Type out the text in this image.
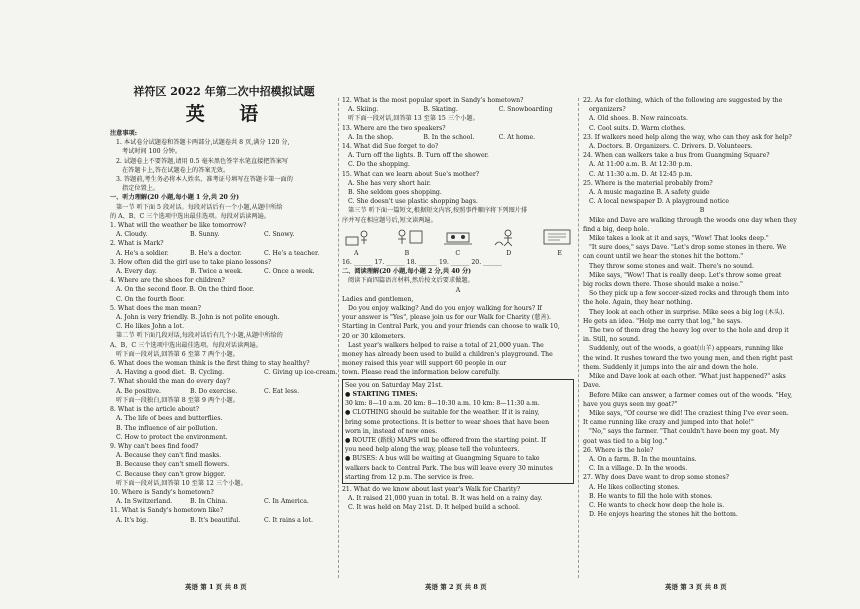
祥符区 2022 年第二次中招模拟试题
英 语
注意事项:
1. 本试卷分试题卷和答题卡两部分,试题卷共 8 页,满分 120 分,
考试时间 100 分钟。
2. 试题卷上不要答题,请用 0.5 毫米黑色签字水笔直接把答案写
在答题卡上,答在试题卷上的答案无效。
3. 答题前,考生务必将本人姓名、准考证号填写在答题卡第一面的
指定位置上。
一、听力理解(20 小题,每小题 1 分,共 20 分)
第一节 听下面 5 段对话。每段对话后有一个小题,从题中所给
的 A、B、C 三个选项中选出最佳选项。每段对话读两遍。
1. What will the weather be like tomorrow?
A. Cloudy.	B. Sunny.	C. Snowy.
2. What is Mark?
A. He's a soldier.	B. He's a doctor.	C. He's a teacher.
3. How often did the girl use to take piano lessons?
A. Every day.	B. Twice a week.	C. Once a week.
4. Where are the shoes for children?
A. On the second floor. B. On the third floor.
C. On the fourth floor.
5. What does the man mean?
A. John is very friendly. B. John is not polite enough.
C. He likes John a lot.
第二节 听下面几段对话,每段对话后有几个小题,从题中所给的
A、B、C 三个选项中选出最佳选项。每段对话读两遍。
听下面一段对话,回答第 6 至第 7 两个小题。
6. What does the woman think is the first thing to stay healthy?
A. Having a good diet. B. Cycling.	C. Giving up ice-cream.
7. What should the man do every day?
A. Be positive.	B. Do exercise.	C. Eat less.
听下面一段独白,回答第 8 至第 9 两个小题。
8. What is the article about?
A. The life of bees and butterflies.
B. The influence of air pollution.
C. How to protect the environment.
9. Why can't bees find food?
A. Because they can't find masks.
B. Because they can't smell flowers.
C. Because they can't grow bigger.
听下面一段对话,回答第 10 至第 12 三个小题。
10. Where is Sandy's hometown?
A. In Switzerland.	B. In China.	C. In America.
11. What is Sandy's hometown like?
A. It's big.	B. It's beautiful.	C. It rains a lot.
12. What is the most popular sport in Sandy's hometown?
A. Skiing.	B. Skating.	C. Snowboarding
听下面一段对话,回答第 13 至第 15 三个小题。
13. Where are the two speakers?
A. In the shop.	B. In the school.	C. At home.
14. What did Sue forget to do?
A. Turn off the lights. B. Turn off the shower.
C. Do the shopping.
15. What can we learn about Sue's mother?
A. She has very short hair.
B. She seldom goes shopping.
C. She doesn't use plastic shopping bags.
第三节 听下面一篇短文,根据短文内容,按照事件顺序将下列图片排
序并写在相应题号后,短文读两遍。
A	B	C	D	E
16. ______ 17. ______ 18. ______ 19. ______ 20. ______
二、阅读理解(20 小题,每小题 2 分,共 40 分)
阅读下面四篇语言材料,然后按文后要求做题。
A
Ladies and gentlemen,
Do you enjoy walking? And do you enjoy walking for hours? If
your answer is "Yes", please join us for our Walk for Charity (慈善).
Starting in Central Park, you and your friends can choose to walk 10,
20 or 30 kilometers.
Last year's walkers helped to raise a total of 21,000 yuan. The
money has already been used to build a children's playground. The
money raised this year will support 60 people in our
town. Please read the information below carefully.
See you on Saturday May 21st.
● STARTING TIMES:
30 km: 8—10 a.m. 20 km: 8—10:30 a.m. 10 km: 8—11:30 a.m.
● CLOTHING should be suitable for the weather. If it is rainy,
bring some protections. It is better to wear shoes that have been
worn in, instead of new ones.
● ROUTE (路线) MAPS will be offered from the starting point. If
you need help along the way, please tell the volunteers.
● BUSES: A bus will be waiting at Guangming Square to take
walkers back to Central Park. The bus will leave every 30 minutes
starting from 12 p.m. The service is free.
21. What do we know about last year's Walk for Charity?
A. It raised 21,000 yuan in total. B. It was held on a rainy day.
C. It was held on May 21st. D. It helped build a school.
22. As for clothing, which of the following are suggested by the
organizers?
A. Old shoes. B. New raincoats.
C. Cool suits. D. Warm clothes.
23. If walkers need help along the way, who can they ask for help?
A. Doctors. B. Organizers. C. Drivers. D. Volunteers.
24. When can walkers take a bus from Guangming Square?
A. At 11:00 a.m. B. At 12:30 p.m.
C. At 11:30 a.m. D. At 12:45 p.m.
25. Where is the material probably from?
A. A music magazine B. A safety guide
C. A local newspaper D. A playground notice
B
Mike and Dave are walking through the woods one day when they
find a big, deep hole.
Mike takes a look at it and says, "Wow! That looks deep."
"It sure does," says Dave. "Let's drop some stones in there. We
can count until we hear the stones hit the bottom."
They throw some stones and wait. There's no sound.
Mike says, "Wow! That is really deep. Let's throw some great
big rocks down there. Those should make a noise."
So they pick up a few soccer-sized rocks and through them into
the hole. Again, they hear nothing.
They look at each other in surprise. Mike sees a big log (木头).
He gets an idea. "Help me carry that log," he says.
The two of them drag the heavy log over to the hole and drop it
in. Still, no sound.
Suddenly, out of the woods, a goat(山羊) appears, running like
the wind. It rushes toward the two young men, and then right past
them. Suddenly it jumps into the air and down the hole.
Mike and Dave look at each other. "What just happened?" asks
Dave.
Before Mike can answer, a farmer comes out of the woods. "Hey,
have you guys seen my goat?"
Mike says, "Of course we did! The craziest thing I've ever seen.
It came running like crazy and jumped into that hole!"
"No," says the farmer. "That couldn't have been my goat. My
goat was tied to a big log."
26. Where is the hole?
A. On a farm. B. In the mountains.
C. In a village. D. In the woods.
27. Why does Dave want to drop some stones?
A. He likes collecting stones.
B. He wants to fill the hole with stones.
C. He wants to check how deep the hole is.
D. He enjoys hearing the stones hit the bottom.
英语 第 1 页 共 8 页	英语 第 2 页 共 8 页	英语 第 3 页 共 8 页
